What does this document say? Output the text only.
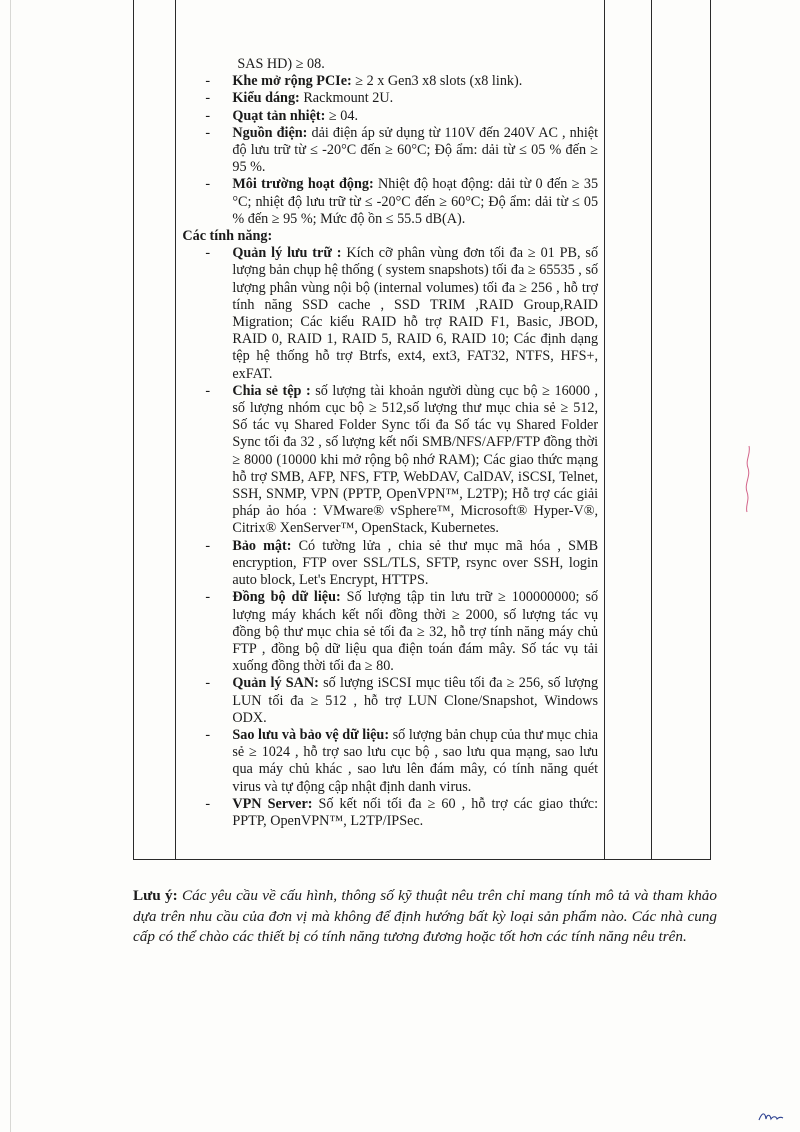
SAS HD) ≥ 08.
- Khe mở rộng PCIe: ≥ 2 x Gen3 x8 slots (x8 link).
- Kiểu dáng: Rackmount 2U.
- Quạt tản nhiệt: ≥ 04.
- Nguồn điện: dải điện áp sử dụng từ 110V đến 240V AC , nhiệt độ lưu trữ từ ≤ -20°C đến ≥ 60°C; Độ ẩm: dải từ ≤ 05 % đến ≥ 95 %.
- Môi trường hoạt động: Nhiệt độ hoạt động: dải từ 0 đến ≥ 35 °C; nhiệt độ lưu trữ từ ≤ -20°C đến ≥ 60°C; Độ ẩm: dải từ ≤ 05 % đến ≥ 95 %; Mức độ ồn ≤ 55.5 dB(A).
Các tính năng:
- Quản lý lưu trữ : Kích cỡ phân vùng đơn tối đa ≥ 01 PB, số lượng bản chụp hệ thống ( system snapshots) tối đa ≥ 65535 , số lượng phân vùng nội bộ (internal volumes) tối đa ≥ 256 , hỗ trợ tính năng SSD cache , SSD TRIM ,RAID Group,RAID Migration; Các kiểu RAID hỗ trợ RAID F1, Basic, JBOD, RAID 0, RAID 1, RAID 5, RAID 6, RAID 10; Các định dạng tệp hệ thống hỗ trợ Btrfs, ext4, ext3, FAT32, NTFS, HFS+, exFAT.
- Chia sẻ tệp : số lượng tài khoản người dùng cục bộ ≥ 16000 , số lượng nhóm cục bộ ≥ 512,số lượng thư mục chia sẻ ≥ 512, Số tác vụ Shared Folder Sync tối đa Số tác vụ Shared Folder Sync tối đa 32 , số lượng kết nối SMB/NFS/AFP/FTP đồng thời ≥ 8000 (10000 khi mở rộng bộ nhớ RAM); Các giao thức mạng hỗ trợ SMB, AFP, NFS, FTP, WebDAV, CalDAV, iSCSI, Telnet, SSH, SNMP, VPN (PPTP, OpenVPN™, L2TP); Hỗ trợ các giải pháp ảo hóa : VMware® vSphere™, Microsoft® Hyper-V®, Citrix® XenServer™, OpenStack, Kubernetes.
- Bảo mật: Có tường lửa , chia sẻ thư mục mã hóa , SMB encryption, FTP over SSL/TLS, SFTP, rsync over SSH, login auto block, Let's Encrypt, HTTPS.
- Đồng bộ dữ liệu: Số lượng tập tin lưu trữ ≥ 100000000; số lượng máy khách kết nối đồng thời ≥ 2000, số lượng tác vụ đồng bộ thư mục chia sẻ tối đa ≥ 32, hỗ trợ tính năng máy chủ FTP , đồng bộ dữ liệu qua điện toán đám mây. Số tác vụ tải xuống đồng thời tối đa ≥ 80.
- Quản lý SAN: số lượng iSCSI mục tiêu tối đa ≥ 256, số lượng LUN tối đa ≥ 512 , hỗ trợ LUN Clone/Snapshot, Windows ODX.
- Sao lưu và bảo vệ dữ liệu: số lượng bản chụp của thư mục chia sẻ ≥ 1024 , hỗ trợ sao lưu cục bộ , sao lưu qua mạng, sao lưu qua máy chủ khác , sao lưu lên đám mây, có tính năng quét virus và tự động cập nhật định danh virus.
- VPN Server: Số kết nối tối đa ≥ 60 , hỗ trợ các giao thức: PPTP, OpenVPN™, L2TP/IPSec.

Lưu ý: Các yêu cầu về cấu hình, thông số kỹ thuật nêu trên chỉ mang tính mô tả và tham khảo dựa trên nhu cầu của đơn vị mà không để định hướng bất kỳ loại sản phẩm nào. Các nhà cung cấp có thể chào các thiết bị có tính năng tương đương hoặc tốt hơn các tính năng nêu trên.
